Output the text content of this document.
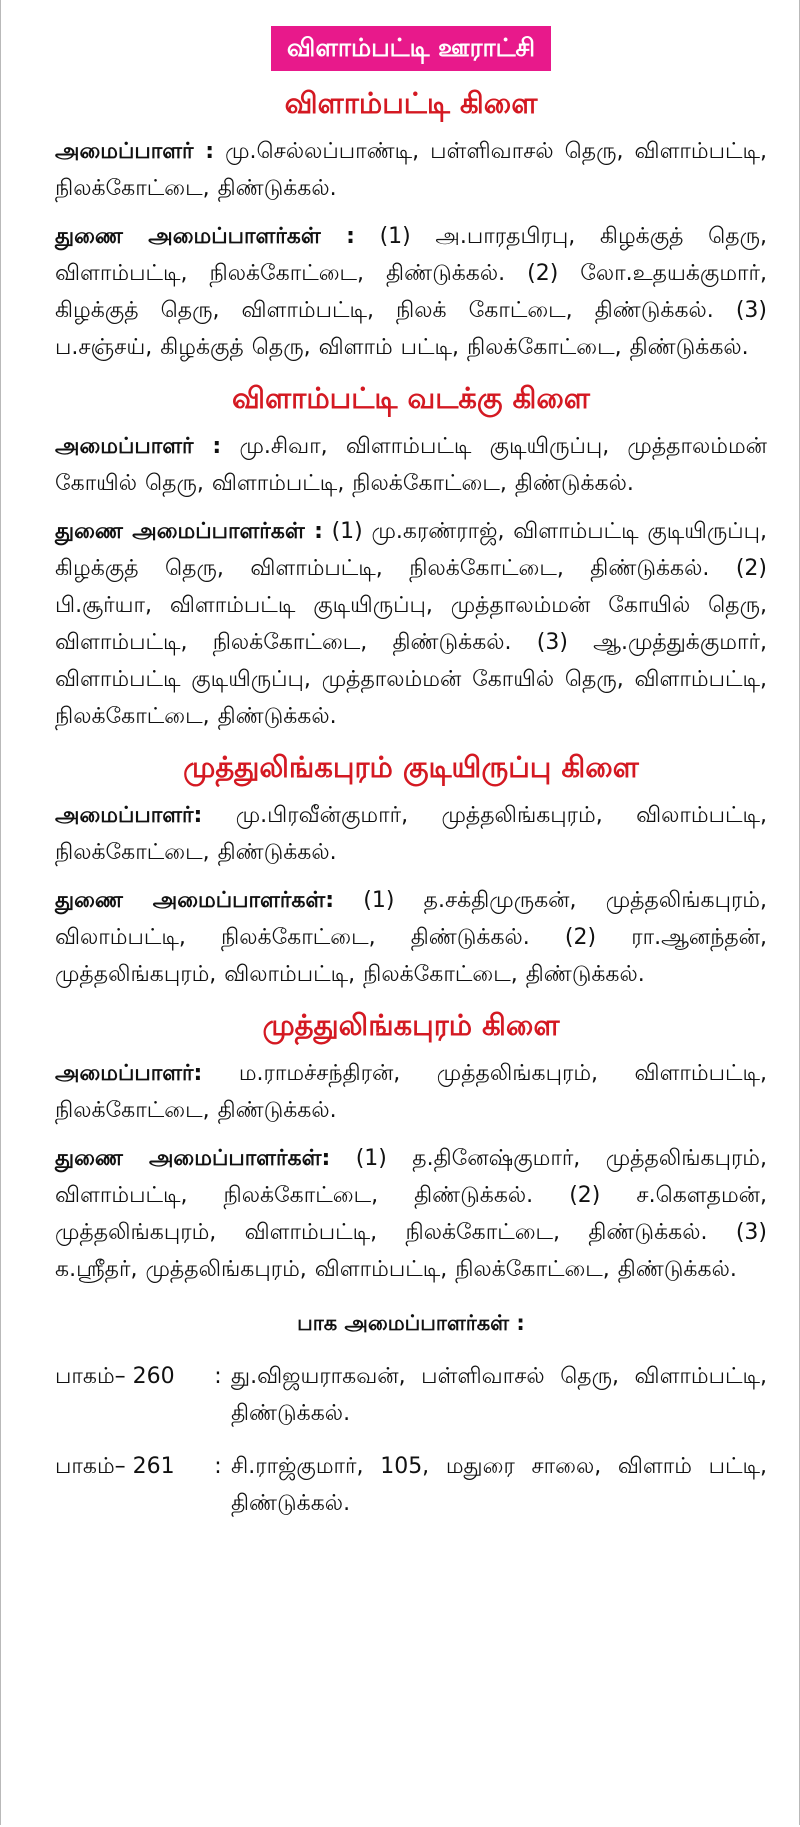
விளாம்பட்டி ஊராட்சி
விளாம்பட்டி கிளை

அமைப்பாளர் : மு.செல்லப்பாண்டி, பள்ளிவாசல் தெரு, விளாம்பட்டி, நிலக்கோட்டை, திண்டுக்கல்.

துணை அமைப்பாளர்கள் : (1) அ.பாரதபிரபு, கிழக்குத் தெரு, விளாம்பட்டி, நிலக்கோட்டை, திண்டுக்கல். (2) லோ.உதயக்குமார், கிழக்குத் தெரு, விளாம்பட்டி, நிலக் கோட்டை, திண்டுக்கல். (3) ப.சஞ்சய், கிழக்குத் தெரு, விளாம் பட்டி, நிலக்கோட்டை, திண்டுக்கல்.

விளாம்பட்டி வடக்கு கிளை

அமைப்பாளர் : மு.சிவா, விளாம்பட்டி குடியிருப்பு, முத்தாலம்மன் கோயில் தெரு, விளாம்பட்டி, நிலக்கோட்டை, திண்டுக்கல்.

துணை அமைப்பாளர்கள் : (1) மு.கரண்ராஜ், விளாம்பட்டி குடியிருப்பு, கிழக்குத் தெரு, விளாம்பட்டி, நிலக்கோட்டை, திண்டுக்கல். (2) பி.சூர்யா, விளாம்பட்டி குடியிருப்பு, முத்தாலம்மன் கோயில் தெரு, விளாம்பட்டி, நிலக்கோட்டை, திண்டுக்கல். (3) ஆ.முத்துக்குமார், விளாம்பட்டி குடியிருப்பு, முத்தாலம்மன் கோயில் தெரு, விளாம்பட்டி, நிலக்கோட்டை, திண்டுக்கல்.

முத்துலிங்கபுரம் குடியிருப்பு கிளை

அமைப்பாளர்: மு.பிரவீன்குமார், முத்தலிங்கபுரம், விலாம்பட்டி, நிலக்கோட்டை, திண்டுக்கல்.

துணை அமைப்பாளர்கள்: (1) த.சக்திமுருகன், முத்தலிங்கபுரம், விலாம்பட்டி, நிலக்கோட்டை, திண்டுக்கல். (2) ரா.ஆனந்தன், முத்தலிங்கபுரம், விலாம்பட்டி, நிலக்கோட்டை, திண்டுக்கல்.

முத்துலிங்கபுரம் கிளை

அமைப்பாளர்: ம.ராமச்சந்திரன், முத்தலிங்கபுரம், விளாம்பட்டி, நிலக்கோட்டை, திண்டுக்கல்.

துணை அமைப்பாளர்கள்: (1) த.தினேஷ்குமார், முத்தலிங்கபுரம், விளாம்பட்டி, நிலக்கோட்டை, திண்டுக்கல். (2) ச.கௌதமன், முத்தலிங்கபுரம், விளாம்பட்டி, நிலக்கோட்டை, திண்டுக்கல். (3) க.ஸ்ரீதர், முத்தலிங்கபுரம், விளாம்பட்டி, நிலக்கோட்டை, திண்டுக்கல்.

பாக அமைப்பாளர்கள் :
பாகம்– 260	: து.விஜயராகவன், பள்ளிவாசல் தெரு, விளாம்பட்டி, திண்டுக்கல்.
பாகம்– 261	: சி.ராஜ்குமார், 105, மதுரை சாலை, விளாம் பட்டி, திண்டுக்கல்.
